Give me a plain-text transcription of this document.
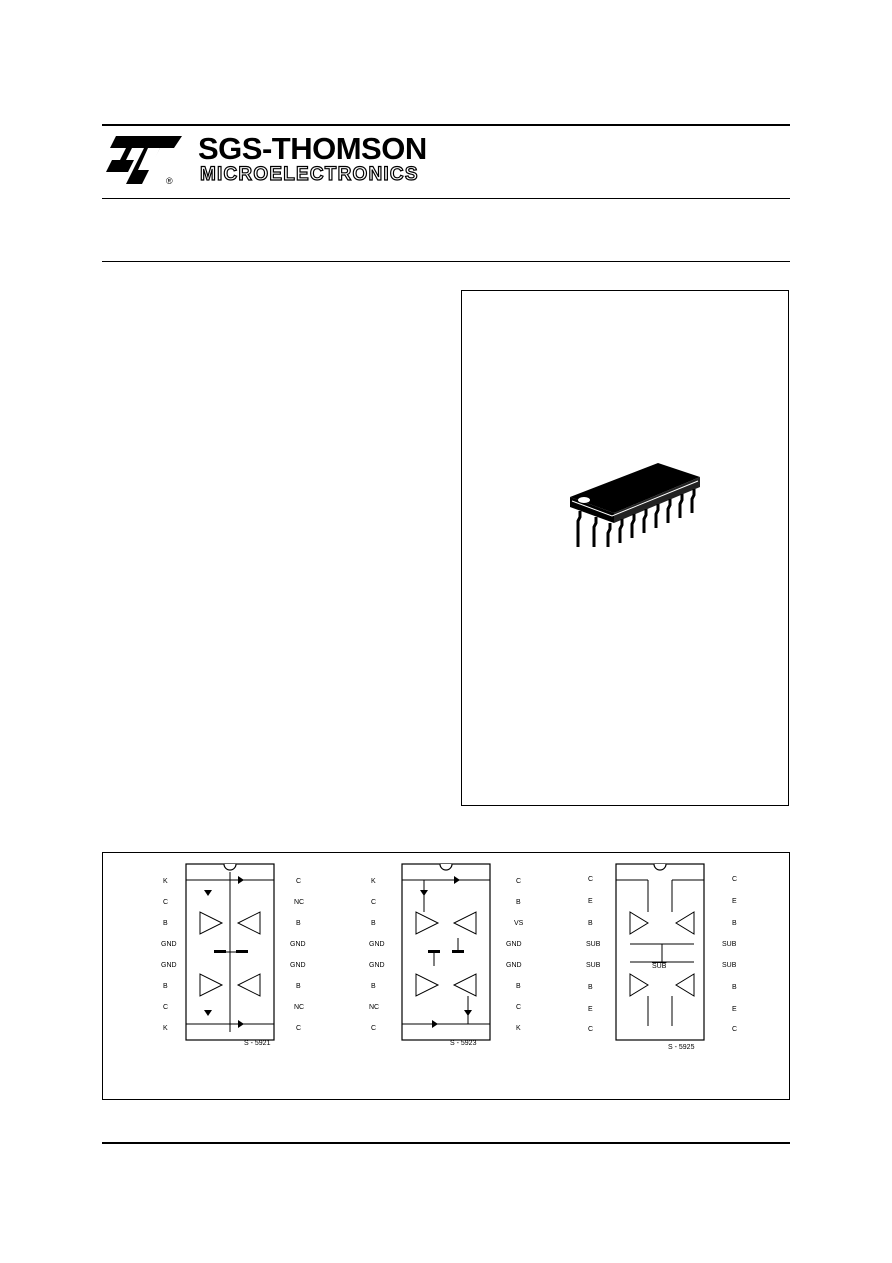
®
SGS-THOMSON
MICROELECTRONICS
S - 5921
K
C
B
GND
GND
B
C
K
C
NC
B
GND
GND
B
NC
C
S - 5923
K
C
B
GND
GND
B
NC
C
C
B
VS
GND
GND
B
C
K
$\overline{SUB}$
S - 5925
C
E
B
SUB
SUB
B
E
C
C
E
B
SUB
SUB
B
E
C
